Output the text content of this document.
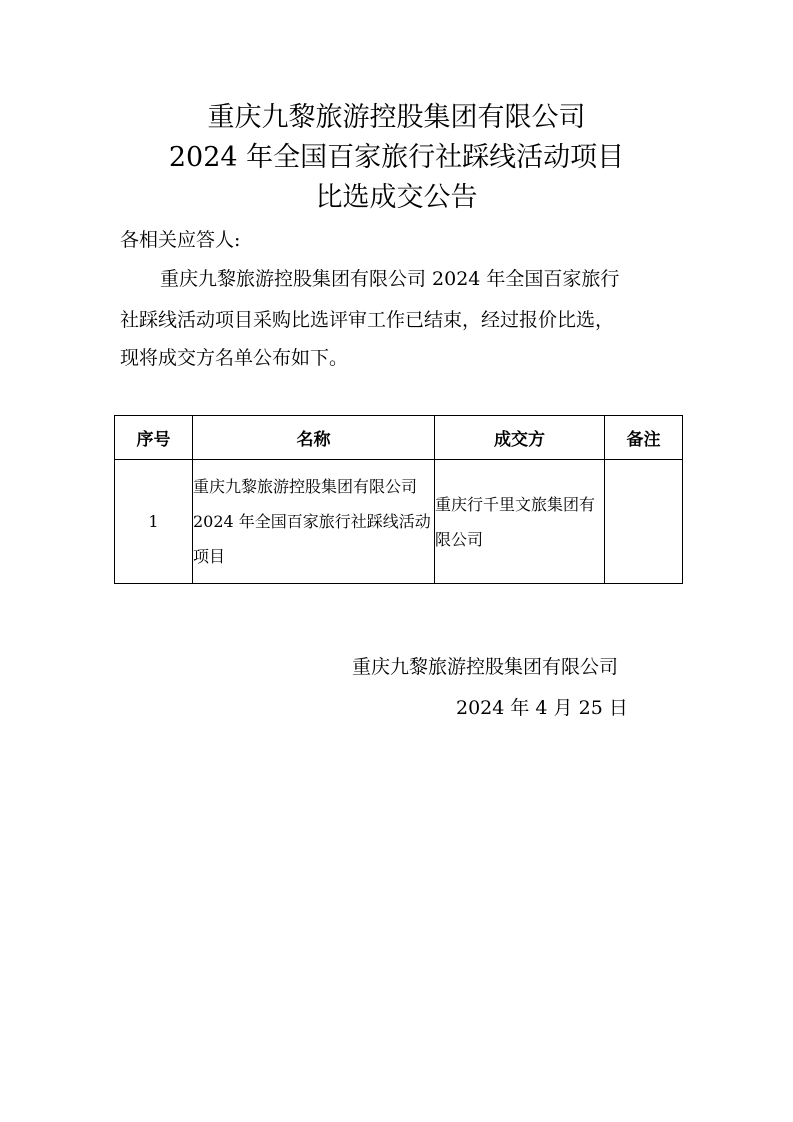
重庆九黎旅游控股集团有限公司
2024 年全国百家旅行社踩线活动项目
比选成交公告
各相关应答人:
重庆九黎旅游控股集团有限公司 2024 年全国百家旅行
社踩线活动项目采购比选评审工作已结束，经过报价比选，
现将成交方名单公布如下。
序号	名称	成交方	备注
1	重庆九黎旅游控股集团有限公司 2024 年全国百家旅行社踩线活动项目	重庆行千里文旅集团有限公司	
重庆九黎旅游控股集团有限公司
2024 年 4 月 25 日
